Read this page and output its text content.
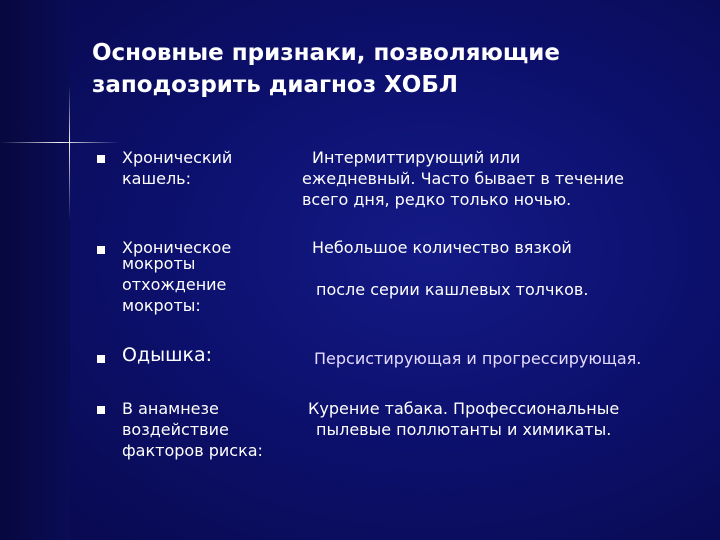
Основные признаки, позволяющие
заподозрить диагноз ХОБЛ
Хронический
кашель:
Интермиттирующий или
ежедневный. Часто бывает в течение
всего дня, редко только ночью.
Хроническое
мокроты
отхождение
мокроты:
Небольшое количество вязкой
после серии кашлевых толчков.
Одышка:	Персистирующая и прогрессирующая.
В анамнезе
воздействие
факторов риска:
Курение табака. Профессиональные
пылевые поллютанты и химикаты.
